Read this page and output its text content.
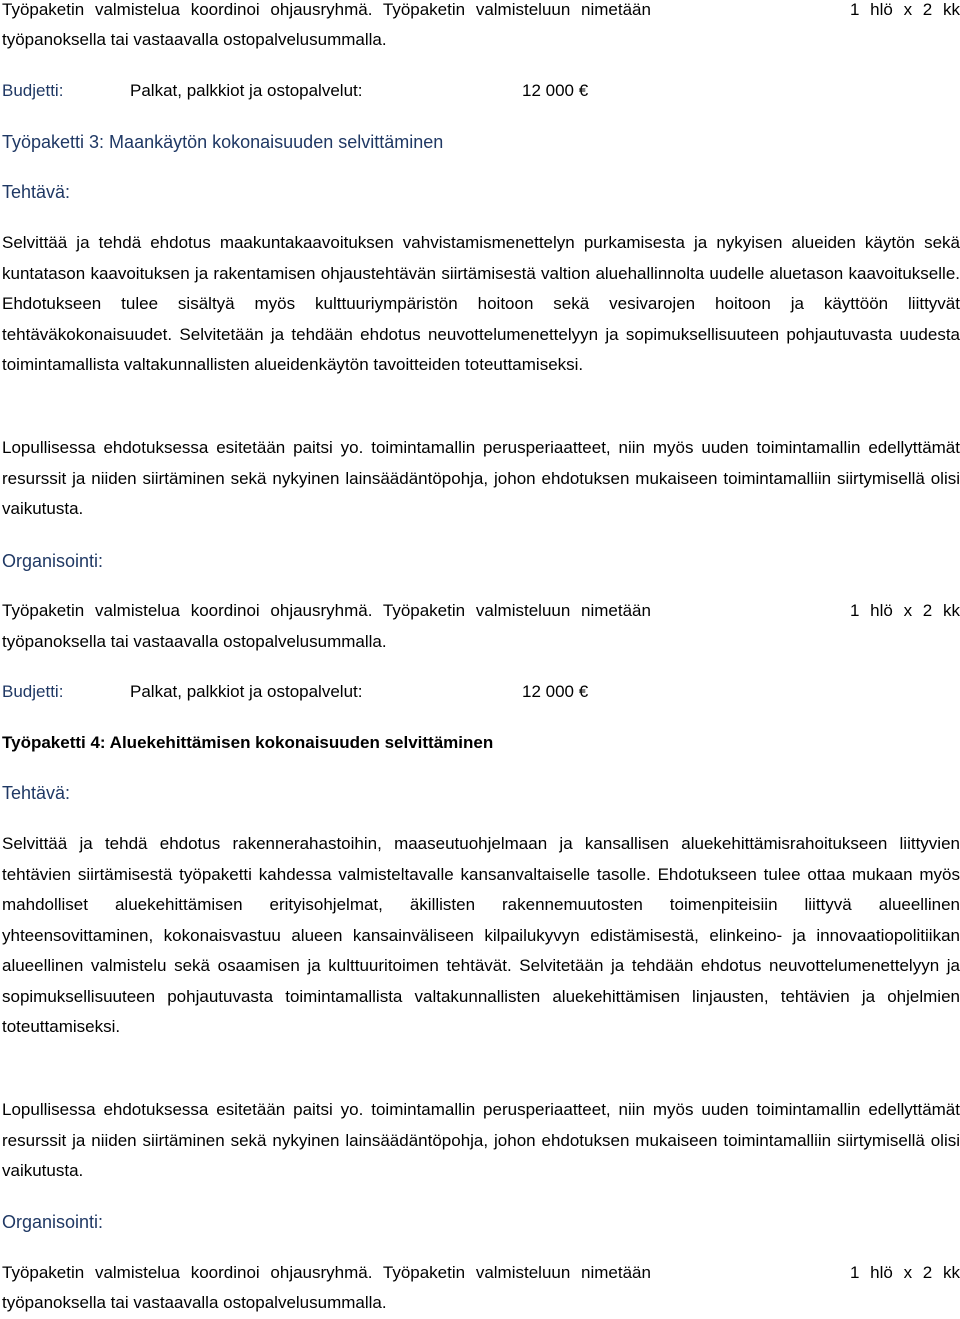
Työpaketin valmistelua koordinoi ohjausryhmä. Työpaketin valmisteluun nimetään	1 hlö x 2 kk
työpanoksella tai vastaavalla ostopalvelusummalla.
Budjetti:	Palkat, palkkiot ja ostopalvelut:	12 000 €
Työpaketti 3: Maankäytön kokonaisuuden selvittäminen
Tehtävä:
Selvittää ja tehdä ehdotus maakuntakaavoituksen vahvistamismenettelyn purkamisesta ja nykyisen alueiden käytön sekä kuntatason kaavoituksen ja rakentamisen ohjaustehtävän siirtämisestä valtion aluehallinnolta uudelle aluetason kaavoitukselle. Ehdotukseen tulee sisältyä myös kulttuuriympäristön hoitoon sekä vesivarojen hoitoon ja käyttöön liittyvät tehtäväkokonaisuudet. Selvitetään ja tehdään ehdotus neuvottelumenettelyyn ja sopimuksellisuuteen pohjautuvasta uudesta toimintamallista valtakunnallisten alueidenkäytön tavoitteiden toteuttamiseksi.
Lopullisessa ehdotuksessa esitetään paitsi yo. toimintamallin perusperiaatteet, niin myös uuden toimintamallin edellyttämät resurssit ja niiden siirtäminen sekä nykyinen lainsäädäntöpohja, johon ehdotuksen mukaiseen toimintamalliin siirtymisellä olisi vaikutusta.
Organisointi:
Työpaketin valmistelua koordinoi ohjausryhmä. Työpaketin valmisteluun nimetään	1 hlö x 2 kk
työpanoksella tai vastaavalla ostopalvelusummalla.
Budjetti:	Palkat, palkkiot ja ostopalvelut:	12 000 €
Työpaketti 4: Aluekehittämisen kokonaisuuden selvittäminen
Tehtävä:
Selvittää ja tehdä ehdotus rakennerahastoihin, maaseutuohjelmaan ja kansallisen aluekehittämisrahoitukseen liittyvien tehtävien siirtämisestä työpaketti kahdessa valmisteltavalle kansanvaltaiselle tasolle. Ehdotukseen tulee ottaa mukaan myös mahdolliset aluekehittämisen erityisohjelmat, äkillisten rakennemuutosten toimenpiteisiin liittyvä alueellinen yhteensovittaminen, kokonaisvastuu alueen kansainväliseen kilpailukyvyn edistämisestä, elinkeino- ja innovaatiopolitiikan alueellinen valmistelu sekä osaamisen ja kulttuuritoimen tehtävät. Selvitetään ja tehdään ehdotus neuvottelumenettelyyn ja sopimuksellisuuteen pohjautuvasta toimintamallista valtakunnallisten aluekehittämisen linjausten, tehtävien ja ohjelmien toteuttamiseksi.
Lopullisessa ehdotuksessa esitetään paitsi yo. toimintamallin perusperiaatteet, niin myös uuden toimintamallin edellyttämät resurssit ja niiden siirtäminen sekä nykyinen lainsäädäntöpohja, johon ehdotuksen mukaiseen toimintamalliin siirtymisellä olisi vaikutusta.
Organisointi:
Työpaketin valmistelua koordinoi ohjausryhmä. Työpaketin valmisteluun nimetään	1 hlö x 2 kk
työpanoksella tai vastaavalla ostopalvelusummalla.
